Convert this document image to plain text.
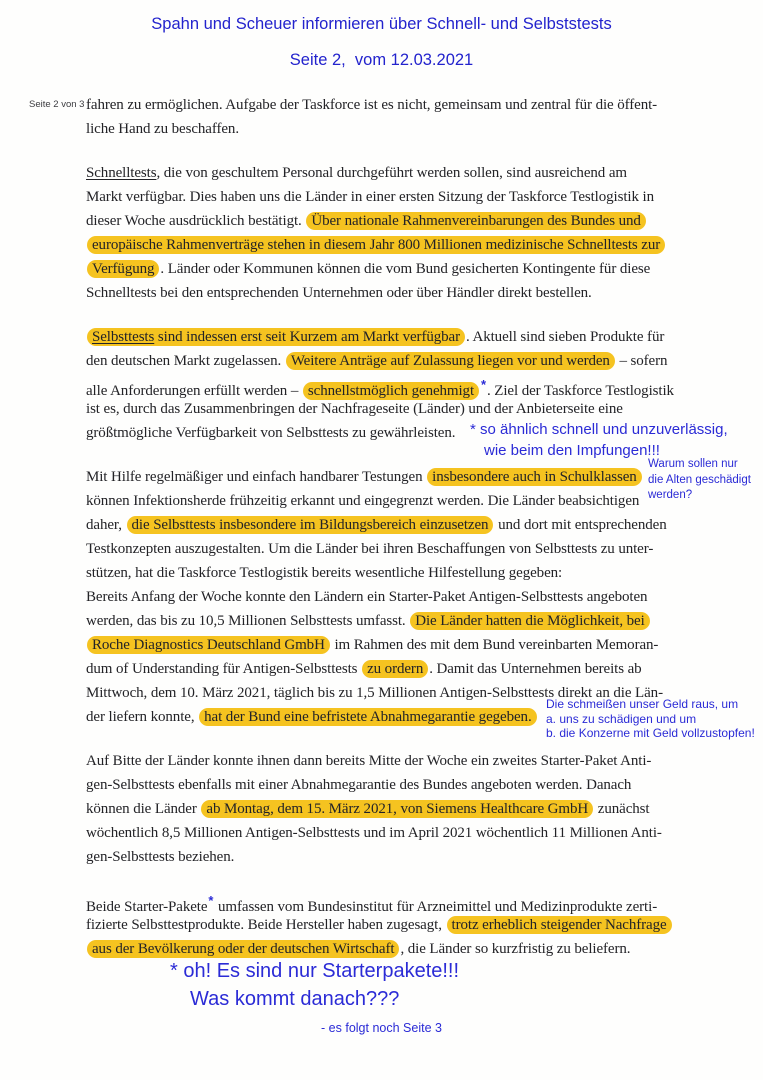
Spahn und Scheuer informieren über Schnell- und Selbststests
Seite 2,  vom 12.03.2021
Seite 2 von 3 fahren zu ermöglichen. Aufgabe der Taskforce ist es nicht, gemeinsam und zentral für die öffent-
liche Hand zu beschaffen.
Schnelltests, die von geschultem Personal durchgeführt werden sollen, sind ausreichend am
Markt verfügbar. Dies haben uns die Länder in einer ersten Sitzung der Taskforce Testlogistik in
dieser Woche ausdrücklich bestätigt. Über nationale Rahmenvereinbarungen des Bundes und
europäische Rahmenverträge stehen in diesem Jahr 800 Millionen medizinische Schnelltests zur
Verfügung . Länder oder Kommunen können die vom Bund gesicherten Kontingente für diese
Schnelltests bei den entsprechenden Unternehmen oder über Händler direkt bestellen.
Selbsttests sind indessen erst seit Kurzem am Markt verfügbar . Aktuell sind sieben Produkte für
den deutschen Markt zugelassen. Weitere Anträge auf Zulassung liegen vor und werden – sofern
alle Anforderungen erfüllt werden – schnellstmöglich genehmigt *. Ziel der Taskforce Testlogistik
ist es, durch das Zusammenbringen der Nachfrageseite (Länder) und der Anbieterseite eine
größtmögliche Verfügbarkeit von Selbsttests zu gewährleisten.
Mit Hilfe regelmäßiger und einfach handbarer Testungen insbesondere auch in Schulklassen
können Infektionsherde frühzeitig erkannt und eingegrenzt werden. Die Länder beabsichtigen
daher, die Selbsttests insbesondere im Bildungsbereich einzusetzen und dort mit entsprechenden
Testkonzepten auszugestalten. Um die Länder bei ihren Beschaffungen von Selbsttests zu unter-
stützen, hat die Taskforce Testlogistik bereits wesentliche Hilfestellung gegeben:
Bereits Anfang der Woche konnte den Ländern ein Starter-Paket Antigen-Selbsttests angeboten
werden, das bis zu 10,5 Millionen Selbsttests umfasst. Die Länder hatten die Möglichkeit, bei
Roche Diagnostics Deutschland GmbH im Rahmen des mit dem Bund vereinbarten Memoran-
dum of Understanding für Antigen-Selbsttests zu ordern . Damit das Unternehmen bereits ab
Mittwoch, dem 10. März 2021, täglich bis zu 1,5 Millionen Antigen-Selbsttests direkt an die Län-
der liefern konnte, hat der Bund eine befristete Abnahmegarantie gegeben.
Auf Bitte der Länder konnte ihnen dann bereits Mitte der Woche ein zweites Starter-Paket Anti-
gen-Selbsttests ebenfalls mit einer Abnahmegarantie des Bundes angeboten werden. Danach
können die Länder ab Montag, dem 15. März 2021, von Siemens Healthcare GmbH zunächst
wöchentlich 8,5 Millionen Antigen-Selbsttests und im April 2021 wöchentlich 11 Millionen Anti-
gen-Selbsttests beziehen.
Beide Starter-Pakete* umfassen vom Bundesinstitut für Arzneimittel und Medizinprodukte zerti-
fizierte Selbsttestprodukte. Beide Hersteller haben zugesagt, trotz erheblich steigender Nachfrage
aus der Bevölkerung oder der deutschen Wirtschaft , die Länder so kurzfristig zu beliefern.
- es folgt noch Seite 3
* so ähnlich schnell und unzuverlässig,
wie beim den Impfungen!!!
Warum sollen nur
die Alten geschädigt
werden?
Die schmeißen unser Geld raus, um
a. uns zu schädigen und um
b. die Konzerne mit Geld vollzustopfen!
* oh! Es sind nur Starterpakete!!!
Was kommt danach???
